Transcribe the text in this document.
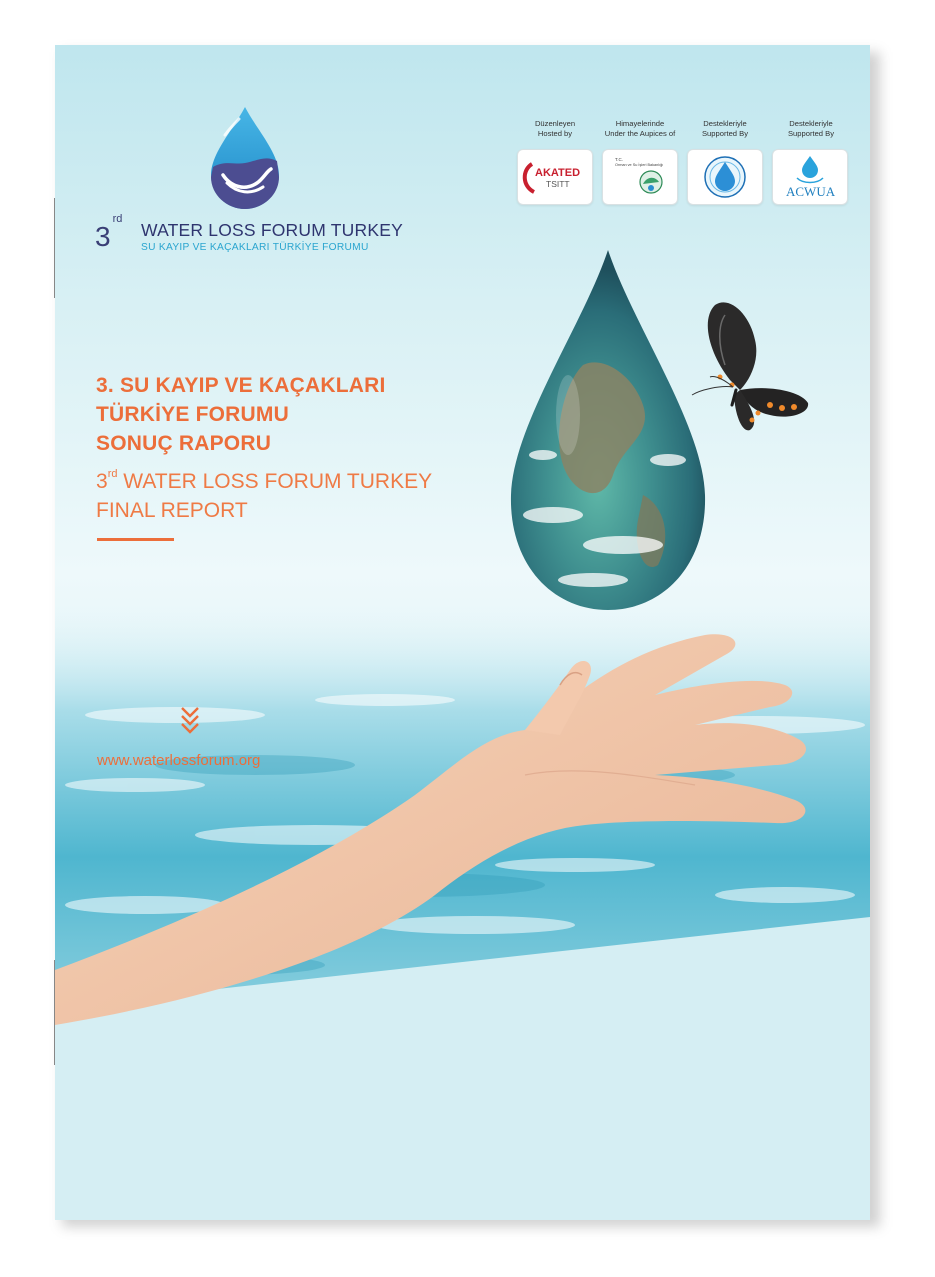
3rd
WATER LOSS FORUM TURKEY
SU KAYIP VE KAÇAKLARI TÜRKİYE FORUMU
Düzenleyen
Hosted by
Himayelerinde
Under the Aupices of
Destekleriyle
Supported By
Destekleriyle
Supported By
AKATED
TSITT
T.C.
Orman ve Su İşleri Bakanlığı
ACWUA
3. SU KAYIP VE KAÇAKLARI
TÜRKİYE FORUMU
SONUÇ RAPORU
3rd WATER LOSS FORUM TURKEY
FINAL REPORT
www.waterlossforum.org
